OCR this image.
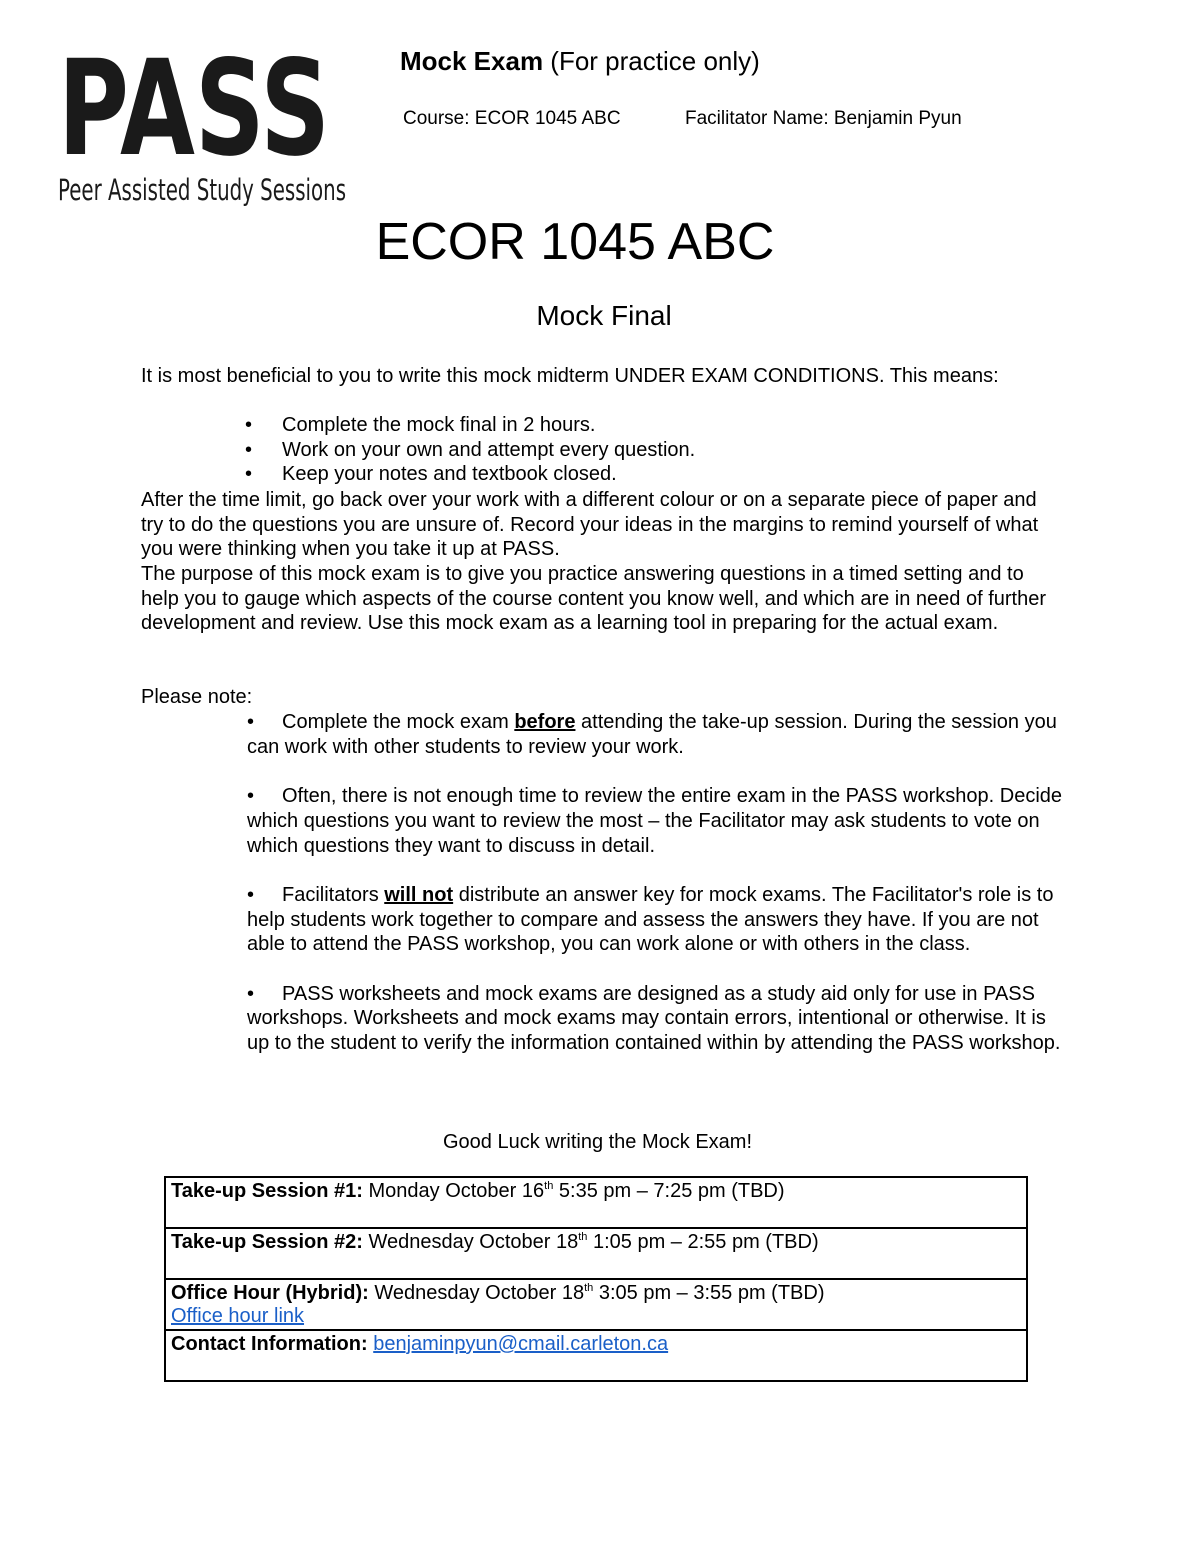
PASS
Peer Assisted Study Sessions
Mock Exam (For practice only)
Course: ECOR 1045 ABC	Facilitator Name: Benjamin Pyun
ECOR 1045 ABC
Mock Final
It is most beneficial to you to write this mock midterm UNDER EXAM CONDITIONS. This means:
• Complete the mock final in 2 hours.
• Work on your own and attempt every question.
• Keep your notes and textbook closed.
After the time limit, go back over your work with a different colour or on a separate piece of paper and try to do the questions you are unsure of. Record your ideas in the margins to remind yourself of what you were thinking when you take it up at PASS.
The purpose of this mock exam is to give you practice answering questions in a timed setting and to help you to gauge which aspects of the course content you know well, and which are in need of further development and review. Use this mock exam as a learning tool in preparing for the actual exam.
Please note:
• Complete the mock exam before attending the take-up session. During the session you can work with other students to review your work.
• Often, there is not enough time to review the entire exam in the PASS workshop. Decide which questions you want to review the most – the Facilitator may ask students to vote on which questions they want to discuss in detail.
• Facilitators will not distribute an answer key for mock exams. The Facilitator's role is to help students work together to compare and assess the answers they have. If you are not able to attend the PASS workshop, you can work alone or with others in the class.
• PASS worksheets and mock exams are designed as a study aid only for use in PASS workshops. Worksheets and mock exams may contain errors, intentional or otherwise. It is up to the student to verify the information contained within by attending the PASS workshop.
Good Luck writing the Mock Exam!
Take-up Session #1: Monday October 16th 5:35 pm – 7:25 pm (TBD)
Take-up Session #2: Wednesday October 18th 1:05 pm – 2:55 pm (TBD)
Office Hour (Hybrid): Wednesday October 18th 3:05 pm – 3:55 pm (TBD)
Office hour link
Contact Information: benjaminpyun@cmail.carleton.ca
